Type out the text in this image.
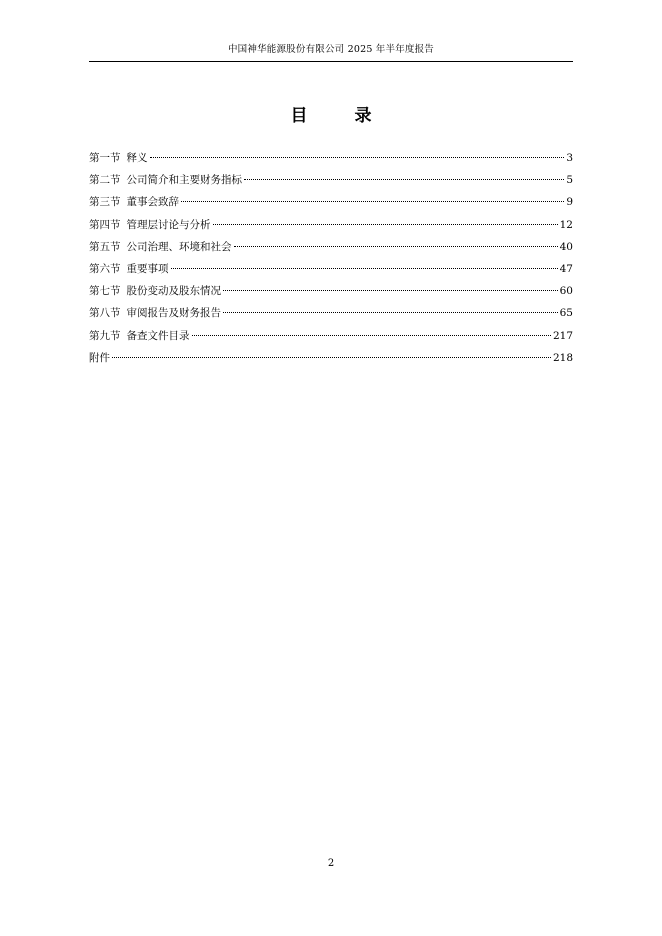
中国神华能源股份有限公司 2025 年半年度报告
目　录
第一节 释义	3
第二节 公司简介和主要财务指标	5
第三节 董事会致辞	9
第四节 管理层讨论与分析	12
第五节 公司治理、环境和社会	40
第六节 重要事项	47
第七节 股份变动及股东情况	60
第八节 审阅报告及财务报告	65
第九节 备查文件目录	217
附件	218
2
